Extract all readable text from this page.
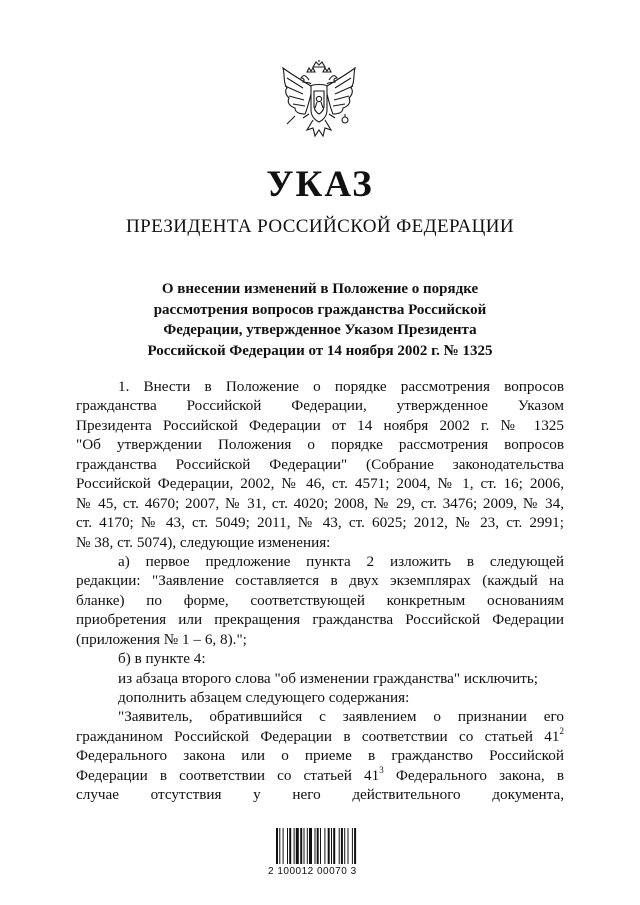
УКАЗ
ПРЕЗИДЕНТА РОССИЙСКОЙ ФЕДЕРАЦИИ
О внесении изменений в Положение о порядке
рассмотрения вопросов гражданства Российской
Федерации, утвержденное Указом Президента
Российской Федерации от 14 ноября 2002 г. № 1325
1. Внести в Положение о порядке рассмотрения вопросов
гражданства Российской Федерации, утвержденное Указом
Президента Российской Федерации от 14 ноября 2002 г. № 1325
"Об утверждении Положения о порядке рассмотрения вопросов
гражданства Российской Федерации" (Собрание законодательства
Российской Федерации, 2002, № 46, ст. 4571; 2004, № 1, ст. 16; 2006,
№ 45, ст. 4670; 2007, № 31, ст. 4020; 2008, № 29, ст. 3476; 2009, № 34,
ст. 4170; № 43, ст. 5049; 2011, № 43, ст. 6025; 2012, № 23, ст. 2991;
№ 38, ст. 5074), следующие изменения:
а) первое предложение пункта 2 изложить в следующей
редакции: "Заявление составляется в двух экземплярах (каждый на
бланке) по форме, соответствующей конкретным основаниям
приобретения или прекращения гражданства Российской Федерации
(приложения № 1 – 6, 8).";
б) в пункте 4:
из абзаца второго слова "об изменении гражданства" исключить;
дополнить абзацем следующего содержания:
"Заявитель, обратившийся с заявлением о признании его
гражданином Российской Федерации в соответствии со статьей $41^2$
Федерального закона или о приеме в гражданство Российской
Федерации в соответствии со статьей $41^3$ Федерального закона, в
случае отсутствия у него действительного документа,
2 100012 00070 3
